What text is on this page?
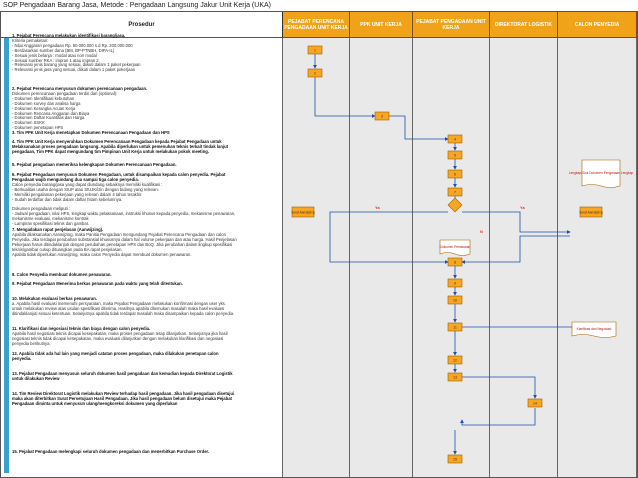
SOP Pengadaan Barang Jasa, Metode : Pengadaan Langsung Jakur Unit Kerja (UKA)
Prosedur	PEJABAT PERENCANA PENGADAAN UNIT KERJA	PPK UNIT KERJA	PEJABAT PENGADAAN UNIT KERJA	DIREKTORAT LOGISTIK	CALON PENYEDIA
1. Pejabat Perencana melakukan identifikasi barang/jasa.
Kriteria pemaketan:
- Nilai Anggaran pengadaan Rp. 50.000.000 s.d Rp. 200.000.000
- Berdasarkan sumber dana (BM, BP-PTNBH, DIPA-IL)
- Sesuai jenis belanja : modal atau non modal
- Sesuai sumber RKA : impran 1 atau impran 2
- Relevansi jenis barang yang sesuai, diikuti dalam 1 paket pekerjaan
- Relevansi jenis jasa yang sesuai, diikuti dalam 1 paket pekerjaan
2. Pejabat Perencana menyusun dokumen perencanaan pengadaan.
Dokumen perencanaan pengadaan terdiri dari (optional):
- Dokumen Identifikasi kebutuhan
- Dokumen survey dan analisa harga
- Dokumen Kerangka Acuan Kerja
- Dokumen Rencana Anggaran dan Biaya
- Dokumen Daftar Kuantitas dan Harga
- Dokumen SSKK
- Dokumen penetapan HPS
3. Tim PPK Unit Kerja menetapkan Dokumen Perencanaan Pengadaan dan HPS
4. Tim PPK Unit Kerja menyerahkan Dokumen Perencanaan Pengadaan kepada Pejabat Pengadaan untuk Melaksanakan proses pengadaan langsung. Apabila diperlukan untuk pemenuhan teknis terkait tindak lanjut pengadaan, Tim PPK dapat mengundang tim Pimpinan Unit Kerja untuk melakukan pokok meeting.
5. Pejabat pengadaan memeriksa kelengkapan Dokumen Perencanaan Pengadaan.
6. Pejabat Pengadaan menyusun Dokumen Pengadaan, untuk disampaikan kepada calon penyedia. Pejabat Pengadaan wajib mengundang dua sampai tiga calon penyedia.
Calon penyedia barang/jasa yang dapat diundang sebaiknya memiliki kualifikasi :
- Berkualitas usaha dengan SIUP atau SIUJK/izin dengan bidang yang relevan.
- Memiliki pengalaman pekerjaan yang relevan dalam 4 tahun terakhir.
- Sudah terdaftar dan tidak dalam daftar hitam sebelumnya.

Dokumen pengadaan meliputi :
- Jadwal pengadaan, nilai HPS, lengkap waktu pelaksanaan, instruksi khusus kepada penyedia, mekanisme penawaran, mekanisme evaluasi, mekanisme kontrak
- Lampiran spesifikasi teknis dan gambar.
7. Mengadakan rapat penjelasan (Aanwijzing).
Apabila dilaksanakan Aanwijzing, maka Panitia Pengadaan mengundang Pejabat Perencana Pengadaan dan calon Penyedia. Jika terdapat perubahan substansial khususnya dalam hal volume pekerjaan dan atau harga. Hasil Penjelasan Pekerjaan harus ditindaklanjuti dengan perubahan penetapan HPS dan BoQ. Jika perubahan dalam lingkup spesifikasi teknis/gambar cukup dituangkan pada BA rapat penjelasan.
Apabila tidak diperlukan Aanwijzing, maka calon Penyedia dapat membuat dokumen penawaran.
8. Calon Penyedia membuat dokumen penawaran.
9. Pejabat Pengadaan Menerima berkas penawaran pada waktu yang telah ditentukan.
10. Melakukan evaluasi berkas penawaran.
a. Apabila hasil evaluasi memenuhi persyaratan, maka Pejabat Pengadaan melakukan konfirmasi dengan user yks. untuk melakukan review atas usulan spesifikasi diterima. Hasilnya apabila ditemukan masalah maka hasil evaluasi ditindaklanjuti sesuai ketentuan. Selanjutnya apabila tidak terdapat masalah maka disampaikan kepada calon penyedia.
11. Klarifikasi dan negosiasi teknis dan biaya dengan calon penyedia.
Apabila hasil negosiasi teknis dicapai kesepakatan, maka proses pengadaan tetap dilanjutkan. Selanjutnya jika hasil negosiasi teknis tidak dicapai kesepakatan, maka evaluasi dilanjutkan dengan melakukan klarifikasi dan negosiasi penyedia berikutnya.
12. Apabila tidak ada hal lain yang menjadi catatan proses pengadaan, maka dilakukan penetapan calon penyedia.
13. Pejabat Pengadaan menyusun seluruh dokumen hasil pengadaan dan kemudian kepada Direktorat Logistik untuk dilakukan Review
14. Tim Review Direktorat Logistik melakukan Review terhadap hasil pengadaan. Jika hasil pengadaan disetujui maka akan diterbitkan Surat Persetujuan Hasil Pengadaan. Jika hasil pengadaan belum disetujui maka Pejabat Pengadaan diminta untuk menyusun ulang/mengkoreksi dokumen yang diperlukan
15. Pejabat Pengadaan melengkapi seluruh dokumen pengadaan dan menerbitkan Purchase Order.
1
2
3
4
5
6
7
8
9
10
11
12
13
14
15
Lengkapi Dok Dokumen Pengadaan Lengkap
Dokumen Penawaran
Klarifikasi dan Negosiasi
Surat Aanwijzing	Surat Aanwijzing
Ya	Ya
N
